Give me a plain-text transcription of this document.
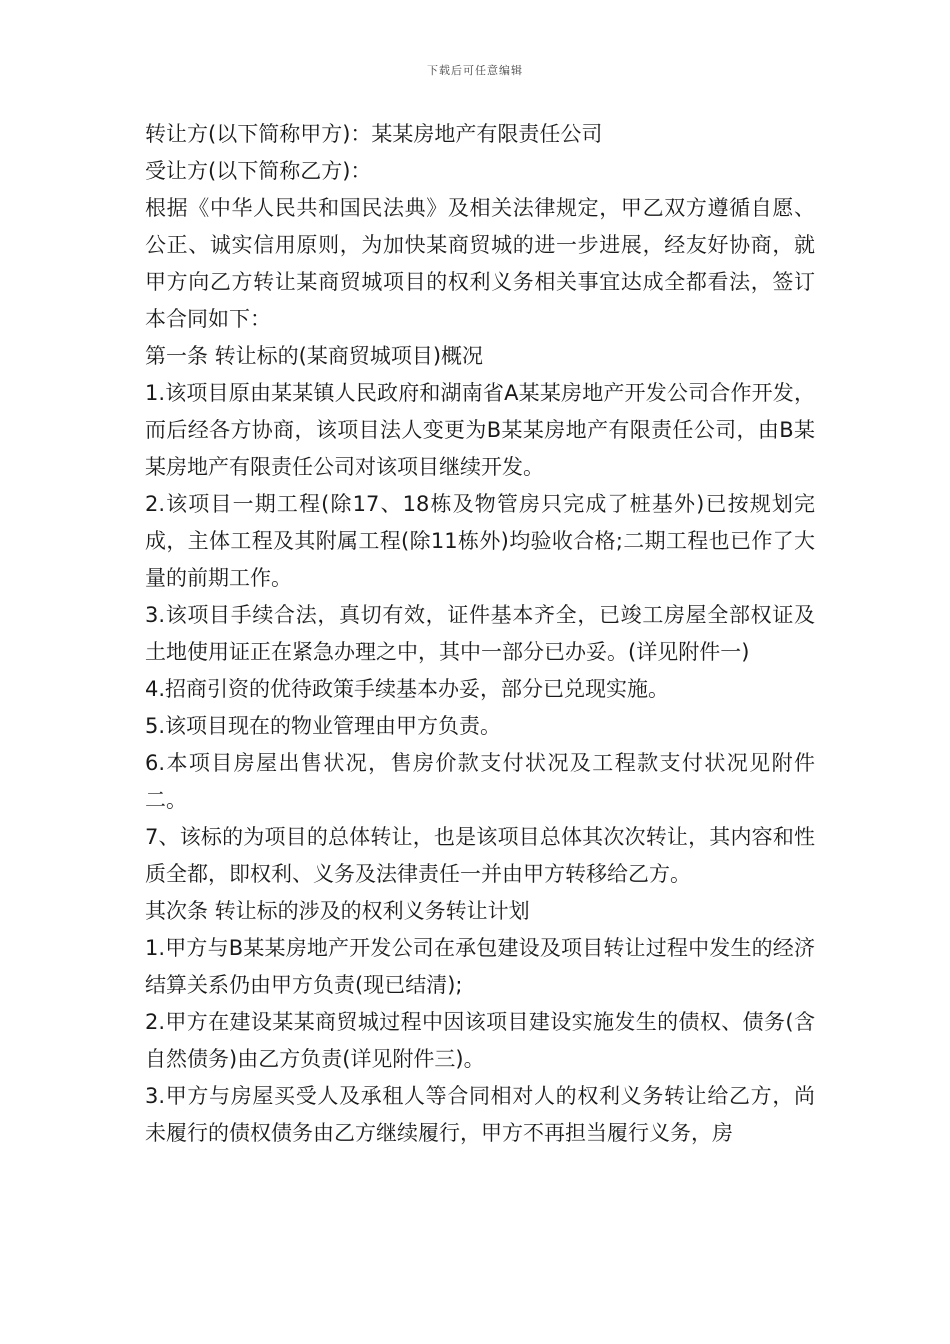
下载后可任意编辑

转让方(以下简称甲方)：某某房地产有限责任公司

受让方(以下简称乙方)：

根据《中华人民共和国民法典》及相关法律规定，甲乙双方遵循自愿、公正、诚实信用原则，为加快某商贸城的进一步进展，经友好协商，就甲方向乙方转让某商贸城项目的权利义务相关事宜达成全都看法，签订本合同如下：

第一条 转让标的(某商贸城项目)概况

1.该项目原由某某镇人民政府和湖南省A某某房地产开发公司合作开发，而后经各方协商，该项目法人变更为B某某房地产有限责任公司，由B某某房地产有限责任公司对该项目继续开发。

2.该项目一期工程(除17、18栋及物管房只完成了桩基外)已按规划完成，主体工程及其附属工程(除11栋外)均验收合格;二期工程也已作了大量的前期工作。

3.该项目手续合法，真切有效，证件基本齐全，已竣工房屋全部权证及土地使用证正在紧急办理之中，其中一部分已办妥。(详见附件一)

4.招商引资的优待政策手续基本办妥，部分已兑现实施。

5.该项目现在的物业管理由甲方负责。

6.本项目房屋出售状况，售房价款支付状况及工程款支付状况见附件二。

7、该标的为项目的总体转让，也是该项目总体其次次转让，其内容和性质全都，即权利、义务及法律责任一并由甲方转移给乙方。

其次条 转让标的涉及的权利义务转让计划

1.甲方与B某某房地产开发公司在承包建设及项目转让过程中发生的经济结算关系仍由甲方负责(现已结清);

2.甲方在建设某某商贸城过程中因该项目建设实施发生的债权、债务(含自然债务)由乙方负责(详见附件三)。

3.甲方与房屋买受人及承租人等合同相对人的权利义务转让给乙方，尚未履行的债权债务由乙方继续履行，甲方不再担当履行义务，房
